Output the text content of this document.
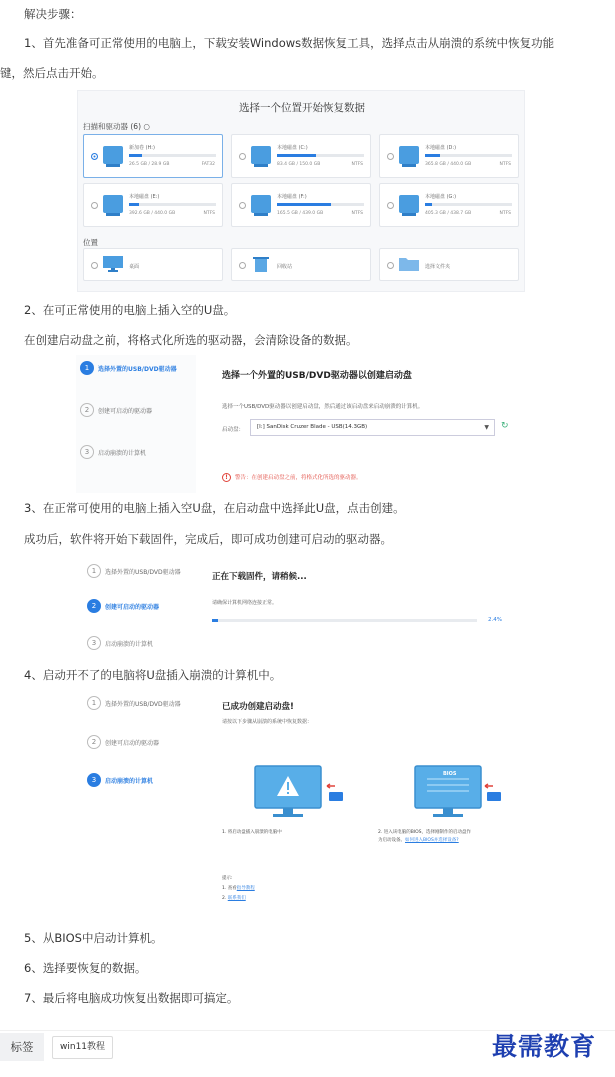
解决步骤：
1、首先准备可正常使用的电脑上，下载安装Windows数据恢复工具，选择点击从崩溃的系统中恢复功能
键，然后点击开始。
选择一个位置开始恢复数据
扫描和驱动器 (6) ○
新加卷 (H:)
26.5 GB / 28.9 GB	FAT32
本地磁盘 (C:)
83.4 GB / 150.0 GB	NTFS
本地磁盘 (D:)
365.8 GB / 440.0 GB	NTFS
本地磁盘 (E:)
392.6 GB / 440.0 GB	NTFS
本地磁盘 (F:)
165.5 GB / 439.0 GB	NTFS
本地磁盘 (G:)
405.3 GB / 438.7 GB	NTFS
位置
桌面	回收站	选择文件夹
2、在可正常使用的电脑上插入空的U盘。
在创建启动盘之前，将格式化所选的驱动器，会清除设备的数据。
1	选择外置的USB/DVD驱动器
2	创建可启动的驱动器
3	启动崩溃的计算机
选择一个外置的USB/DVD驱动器以创建启动盘
选择一个USB/DVD驱动器以创建启动盘，然后通过该启动盘来启动崩溃的计算机。
启动盘：	[I:] SanDisk Cruzer Blade - USB(14.3GB)	▼ ↻
! 警告：在创建启动盘之前，将格式化所选的驱动器。
3、在正常可使用的电脑上插入空U盘，在启动盘中选择此U盘，点击创建。
成功后，软件将开始下载固件，完成后，即可成功创建可启动的驱动器。
1	选择外置的USB/DVD驱动器
2	创建可启动的驱动器
3	启动崩溃的计算机
正在下载固件，请稍候...
请确保计算机网络连接正常。
2.4%
4、启动开不了的电脑将U盘插入崩溃的计算机中。
1	选择外置的USB/DVD驱动器
2	创建可启动的驱动器
3	启动崩溃的计算机
已成功创建启动盘!
请按以下步骤从崩溃的系统中恢复数据：
BIOS
1. 将启动盘插入崩溃的电脑中	2. 进入该电脑的BIOS，选择刚制作的启动盘作
为启动设备。如何进入BIOS并选择设备?
提示:
1. 查看指导教程
2. 联系我们
5、从BIOS中启动计算机。
6、选择要恢复的数据。
7、最后将电脑成功恢复出数据即可搞定。
标签	win11教程	最需教育
